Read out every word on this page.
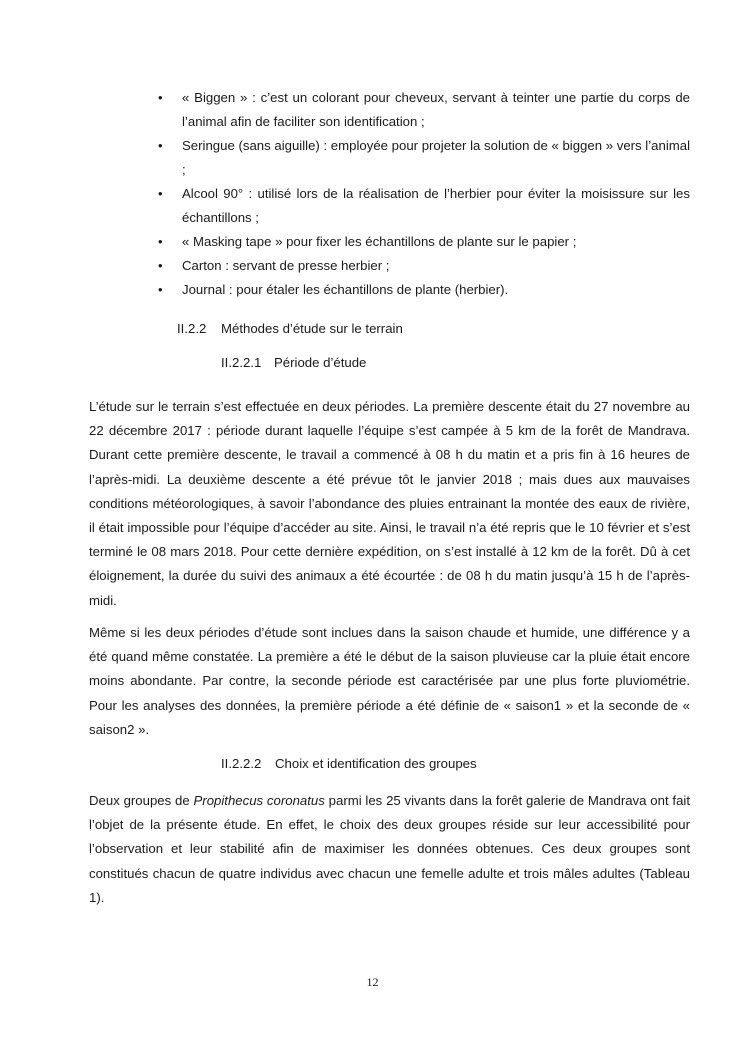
• « Biggen » : c’est un colorant pour cheveux, servant à teinter une partie du corps de l’animal afin de faciliter son identification ;
• Seringue (sans aiguille) : employée pour projeter la solution de « biggen » vers l’animal ;
• Alcool 90° : utilisé lors de la réalisation de l’herbier pour éviter la moisissure sur les échantillons ;
• « Masking tape » pour fixer les échantillons de plante sur le papier ;
• Carton : servant de presse herbier ;
• Journal : pour étaler les échantillons de plante (herbier).
II.2.2 Méthodes d’étude sur le terrain
II.2.2.1 Période d’étude

L’étude sur le terrain s’est effectuée en deux périodes. La première descente était du 27 novembre au 22 décembre 2017 : période durant laquelle l’équipe s’est campée à 5 km de la forêt de Mandrava. Durant cette première descente, le travail a commencé à 08 h du matin et a pris fin à 16 heures de l’après-midi. La deuxième descente a été prévue tôt le janvier 2018 ; mais dues aux mauvaises conditions météorologiques, à savoir l’abondance des pluies entrainant la montée des eaux de rivière, il était impossible pour l’équipe d’accéder au site. Ainsi, le travail n’a été repris que le 10 février et s’est terminé le 08 mars 2018. Pour cette dernière expédition, on s’est installé à 12 km de la forêt. Dû à cet éloignement, la durée du suivi des animaux a été écourtée : de 08 h du matin jusqu’à 15 h de l’après-midi.

Même si les deux périodes d’étude sont inclues dans la saison chaude et humide, une différence y a été quand même constatée. La première a été le début de la saison pluvieuse car la pluie était encore moins abondante. Par contre, la seconde période est caractérisée par une plus forte pluviométrie. Pour les analyses des données, la première période a été définie de « saison1 » et la seconde de « saison2 ».

II.2.2.2 Choix et identification des groupes

Deux groupes de Propithecus coronatus parmi les 25 vivants dans la forêt galerie de Mandrava ont fait l’objet de la présente étude. En effet, le choix des deux groupes réside sur leur accessibilité pour l’observation et leur stabilité afin de maximiser les données obtenues. Ces deux groupes sont constitués chacun de quatre individus avec chacun une femelle adulte et trois mâles adultes (Tableau 1).

12
